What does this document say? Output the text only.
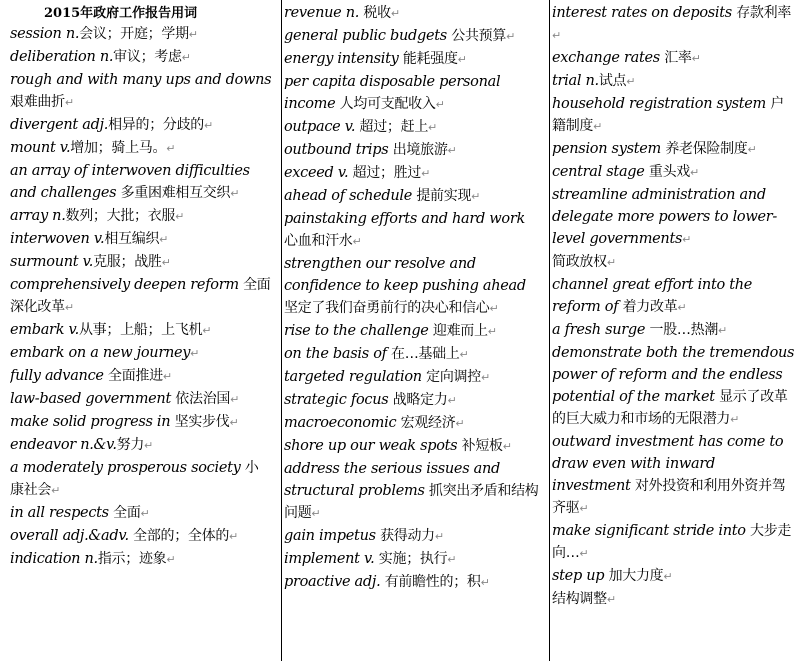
2015年政府工作报告用词
session n.会议；开庭；学期 ↵
deliberation n.审议；考虑 ↵
rough and with many ups and downs艰难曲折 ↵
divergent adj.相异的；分歧的 ↵
mount v.增加；骑上马。 ↵
an array of interwoven difficulties and challenges 多重困难相互交织 ↵
array n.数列；大批；衣服 ↵
interwoven v.相互编织 ↵
surmount v.克服；战胜 ↵
comprehensively deepen reform 全面深化改革 ↵
embark v.从事；上船；上飞机 ↵
embark on a new journey ↵
fully advance 全面推进 ↵
law-based government 依法治国 ↵
make solid progress in 坚实步伐 ↵
endeavor n.&v.努力 ↵
a moderately prosperous society 小康社会 ↵
in all respects 全面 ↵
overall adj.&adv. 全部的；全体的 ↵
indication n.指示；迹象 ↵
revenue n. 税收 ↵
general public budgets 公共预算 ↵
energy intensity 能耗强度 ↵
per capita disposable personal income 人均可支配收入 ↵
outpace v. 超过；赶上 ↵
outbound trips 出境旅游 ↵
exceed v. 超过；胜过 ↵
ahead of schedule 提前实现 ↵
painstaking efforts and hard work 心血和汗水 ↵
strengthen our resolve and confidence to keep pushing ahead 坚定了我们奋勇前行的决心和信心 ↵
rise to the challenge 迎难而上 ↵
on the basis of 在…基础上 ↵
targeted regulation 定向调控 ↵
strategic focus 战略定力 ↵
macroeconomic 宏观经济 ↵
shore up our weak spots 补短板 ↵
address the serious issues and structural problems 抓突出矛盾和结构问题 ↵
gain impetus 获得动力 ↵
implement v. 实施；执行 ↵
proactive adj. 有前瞻性的；积 ↵
interest rates on deposits 存款利率 ↵
exchange rates 汇率 ↵
trial n.试点 ↵
household registration system 户籍制度 ↵
pension system 养老保险制度 ↵
central stage 重头戏 ↵
streamline administration and delegate more powers to lower-level governments ↵
简政放权 ↵
channel great effort into the reform of 着力改革 ↵
a fresh surge 一股…热潮 ↵
demonstrate both the tremendous power of reform and the endless potential of the market 显示了改革的巨大威力和市场的无限潜力 ↵
outward investment has come to draw even with inward investment 对外投资和利用外资并驾齐驱 ↵
make significant stride into 大步走向… ↵
step up 加大力度 ↵
结构调整 ↵
